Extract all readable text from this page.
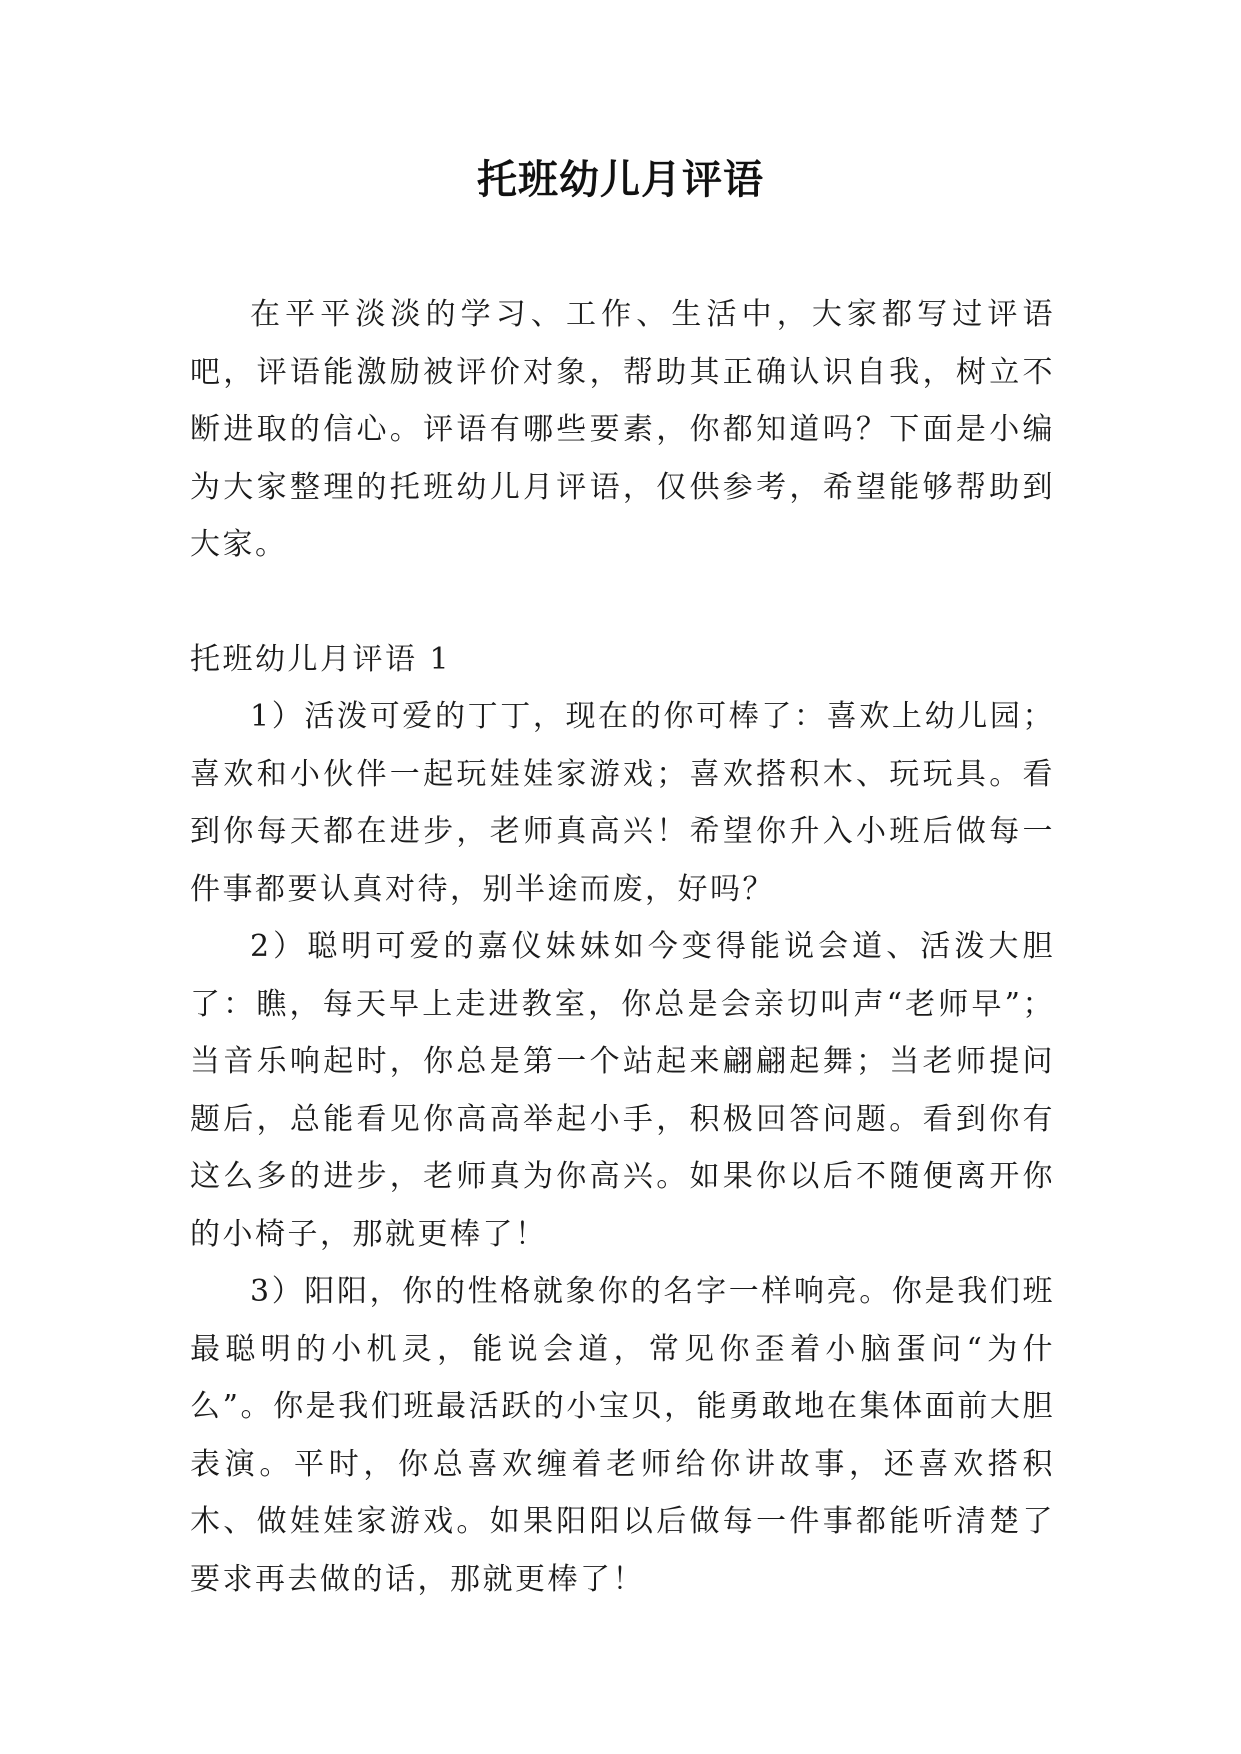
托班幼儿月评语

在平平淡淡的学习、工作、生活中，大家都写过评语吧，评语能激励被评价对象，帮助其正确认识自我，树立不断进取的信心。评语有哪些要素，你都知道吗？下面是小编为大家整理的托班幼儿月评语，仅供参考，希望能够帮助到大家。

托班幼儿月评语 1

1）活泼可爱的丁丁，现在的你可棒了：喜欢上幼儿园；喜欢和小伙伴一起玩娃娃家游戏；喜欢搭积木、玩玩具。看到你每天都在进步，老师真高兴！希望你升入小班后做每一件事都要认真对待，别半途而废，好吗？

2）聪明可爱的嘉仪妹妹如今变得能说会道、活泼大胆了：瞧，每天早上走进教室，你总是会亲切叫声“老师早”；当音乐响起时，你总是第一个站起来翩翩起舞；当老师提问题后，总能看见你高高举起小手，积极回答问题。看到你有这么多的进步，老师真为你高兴。如果你以后不随便离开你的小椅子，那就更棒了！

3）阳阳，你的性格就象你的名字一样响亮。你是我们班最聪明的小机灵，能说会道，常见你歪着小脑蛋问“为什么”。你是我们班最活跃的小宝贝，能勇敢地在集体面前大胆表演。平时，你总喜欢缠着老师给你讲故事，还喜欢搭积木、做娃娃家游戏。如果阳阳以后做每一件事都能听清楚了要求再去做的话，那就更棒了！
